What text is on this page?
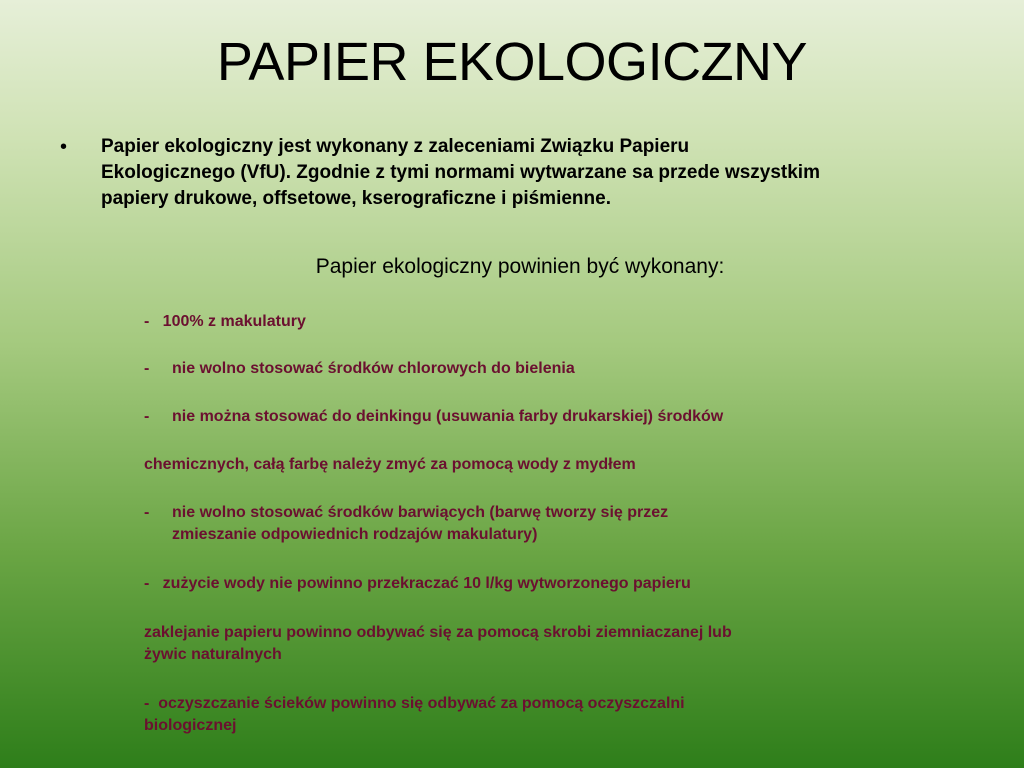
PAPIER EKOLOGICZNY
• Papier ekologiczny jest wykonany z zaleceniami Związku Papieru
Ekologicznego (VfU). Zgodnie z tymi normami wytwarzane sa przede wszystkim
papiery drukowe, offsetowe, kserograficzne i piśmienne.
Papier ekologiczny powinien być wykonany:
-   100% z makulatury
- nie wolno stosować środków chlorowych do bielenia
- nie można stosować do deinkingu (usuwania farby drukarskiej) środków
chemicznych, całą farbę należy zmyć za pomocą wody z mydłem
- nie wolno stosować środków barwiących (barwę tworzy się przez
zmieszanie odpowiednich rodzajów makulatury)
-   zużycie wody nie powinno przekraczać 10 l/kg wytworzonego papieru
zaklejanie papieru powinno odbywać się za pomocą skrobi ziemniaczanej lub
żywic naturalnych
-  oczyszczanie ścieków powinno się odbywać za pomocą oczyszczalni
biologicznej
